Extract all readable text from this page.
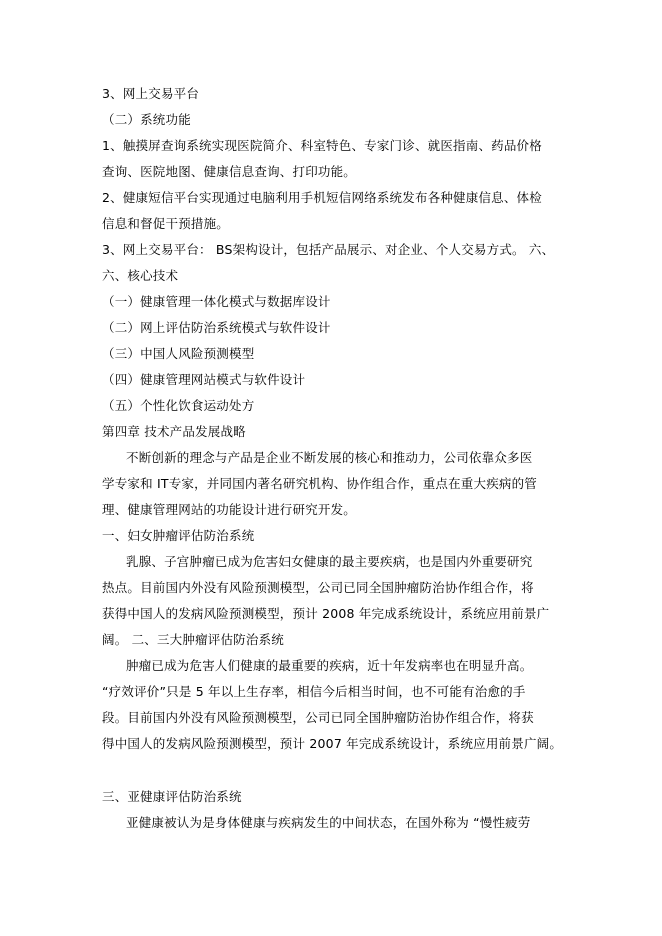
3、网上交易平台
（二）系统功能
1、触摸屏查询系统实现医院简介、科室特色、专家门诊、就医指南、药品价格
查询、医院地图、健康信息查询、打印功能。
2、健康短信平台实现通过电脑利用手机短信网络系统发布各种健康信息、体检
信息和督促干预措施。
3、网上交易平台： BS架构设计，包括产品展示、对企业、个人交易方式。 六、
六、核心技术
（一）健康管理一体化模式与数据库设计
（二）网上评估防治系统模式与软件设计
（三）中国人风险预测模型
（四）健康管理网站模式与软件设计
（五）个性化饮食运动处方
第四章 技术产品发展战略
不断创新的理念与产品是企业不断发展的核心和推动力，公司依靠众多医
学专家和 IT专家，并同国内著名研究机构、协作组合作，重点在重大疾病的管
理、健康管理网站的功能设计进行研究开发。
一、妇女肿瘤评估防治系统
乳腺、子宫肿瘤已成为危害妇女健康的最主要疾病，也是国内外重要研究
热点。目前国内外没有风险预测模型，公司已同全国肿瘤防治协作组合作，将
获得中国人的发病风险预测模型，预计 2008 年完成系统设计，系统应用前景广
阔。 二、三大肿瘤评估防治系统
肿瘤已成为危害人们健康的最重要的疾病，近十年发病率也在明显升高。
“疗效评价”只是 5 年以上生存率，相信今后相当时间，也不可能有治愈的手
段。目前国内外没有风险预测模型，公司已同全国肿瘤防治协作组合作，将获
得中国人的发病风险预测模型，预计 2007 年完成系统设计，系统应用前景广阔。
三、亚健康评估防治系统
亚健康被认为是身体健康与疾病发生的中间状态，在国外称为 “慢性疲劳
